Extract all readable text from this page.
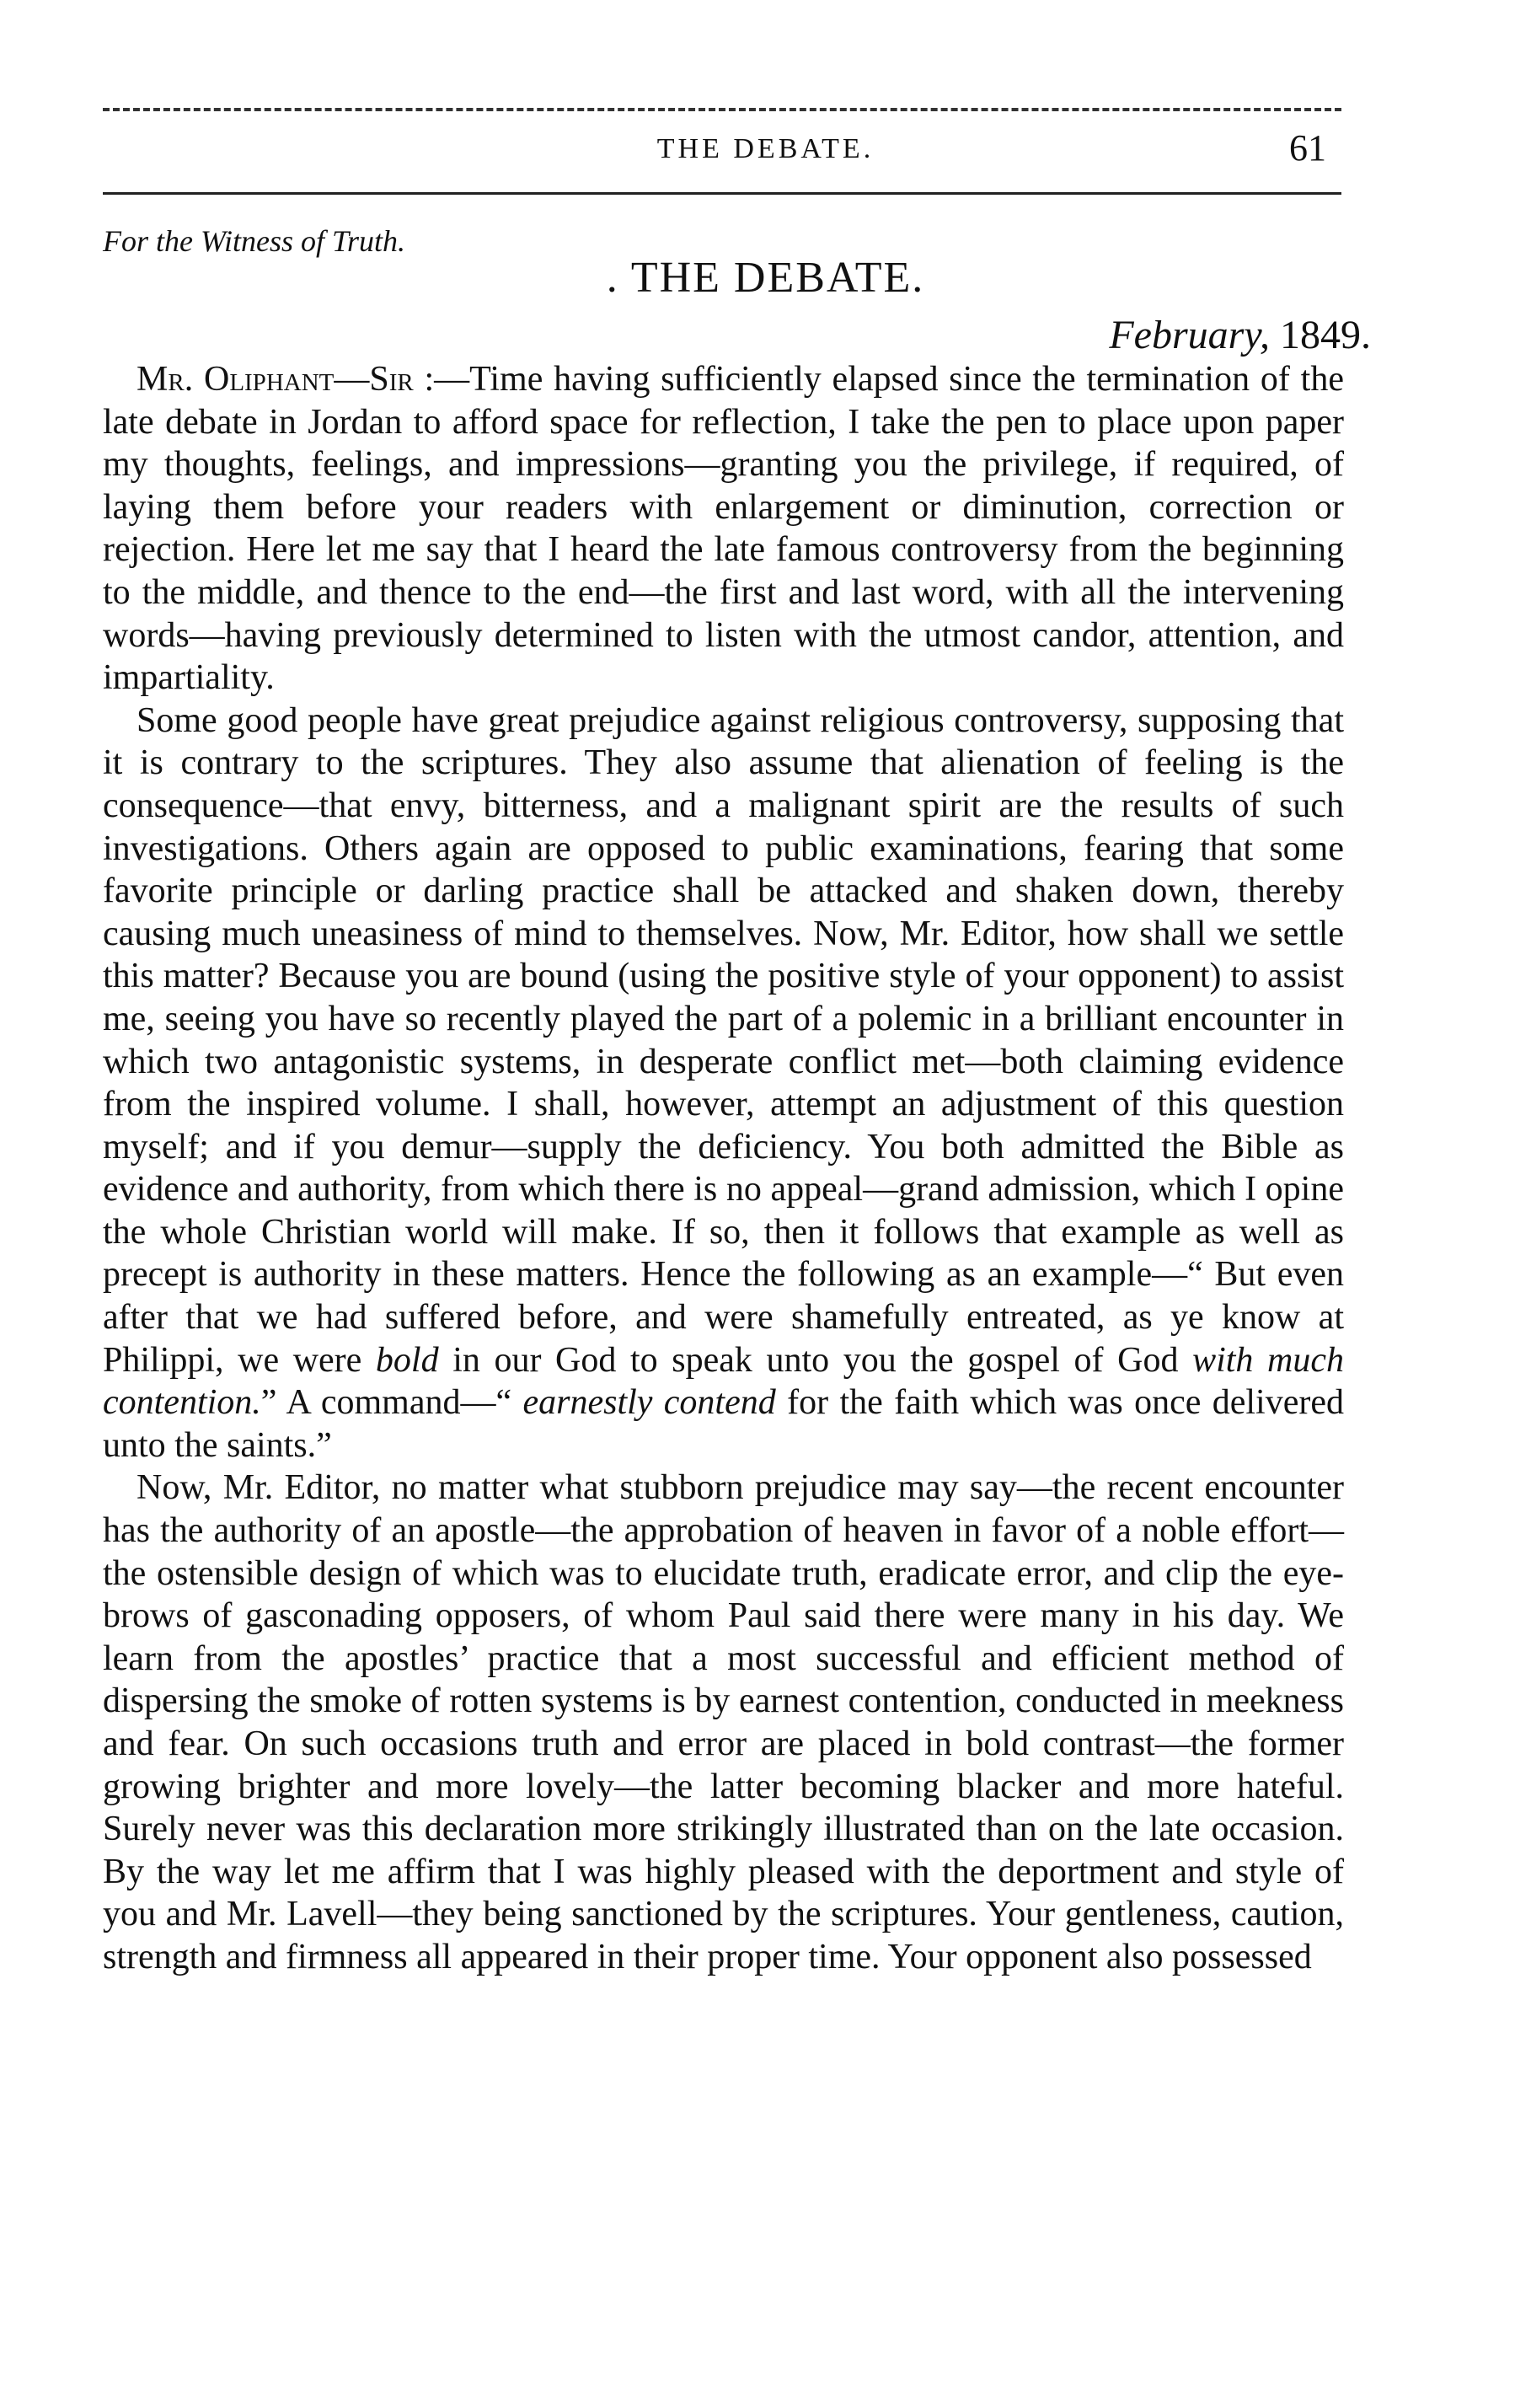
THE DEBATE.	61
For the Witness of Truth.
. THE DEBATE.
February, 1849.

Mr. Oliphant—Sir :—Time having sufficiently elapsed since the termination of the late debate in Jordan to afford space for reflection, I take the pen to place upon paper my thoughts, feelings, and impressions—granting you the privilege, if required, of laying them before your readers with enlargement or diminution, correction or rejection. Here let me say that I heard the late famous controversy from the beginning to the middle, and thence to the end—the first and last word, with all the intervening words—having previously determined to listen with the utmost candor, attention, and impartiality.

Some good people have great prejudice against religious controversy, supposing that it is contrary to the scriptures. They also assume that alienation of feeling is the consequence—that envy, bitterness, and a malignant spirit are the results of such investigations. Others again are opposed to public examinations, fearing that some favorite principle or darling practice shall be attacked and shaken down, thereby causing much uneasiness of mind to themselves. Now, Mr. Editor, how shall we settle this matter? Because you are bound (using the positive style of your opponent) to assist me, seeing you have so recently played the part of a polemic in a brilliant encounter in which two antagonistic systems, in desperate conflict met—both claiming evidence from the inspired volume. I shall, however, attempt an adjustment of this question myself; and if you demur—supply the deficiency. You both admitted the Bible as evidence and authority, from which there is no appeal—grand admission, which I opine the whole Christian world will make. If so, then it follows that example as well as precept is authority in these matters. Hence the following as an example—“ But even after that we had suffered before, and were shamefully entreated, as ye know at Philippi, we were bold in our God to speak unto you the gospel of God with much contention.” A command—“ earnestly contend for the faith which was once delivered unto the saints.”

Now, Mr. Editor, no matter what stubborn prejudice may say—the recent encounter has the authority of an apostle—the approbation of heaven in favor of a noble effort—the ostensible design of which was to elucidate truth, eradicate error, and clip the eye-brows of gasconading opposers, of whom Paul said there were many in his day. We learn from the apostles’ practice that a most successful and efficient method of dispersing the smoke of rotten systems is by earnest contention, conducted in meekness and fear. On such occasions truth and error are placed in bold contrast—the former growing brighter and more lovely—the latter becoming blacker and more hateful. Surely never was this declaration more strikingly illustrated than on the late occasion. By the way let me affirm that I was highly pleased with the deportment and style of you and Mr. Lavell—they being sanctioned by the scriptures. Your gentleness, caution, strength and firmness all appeared in their proper time. Your opponent also possessed
